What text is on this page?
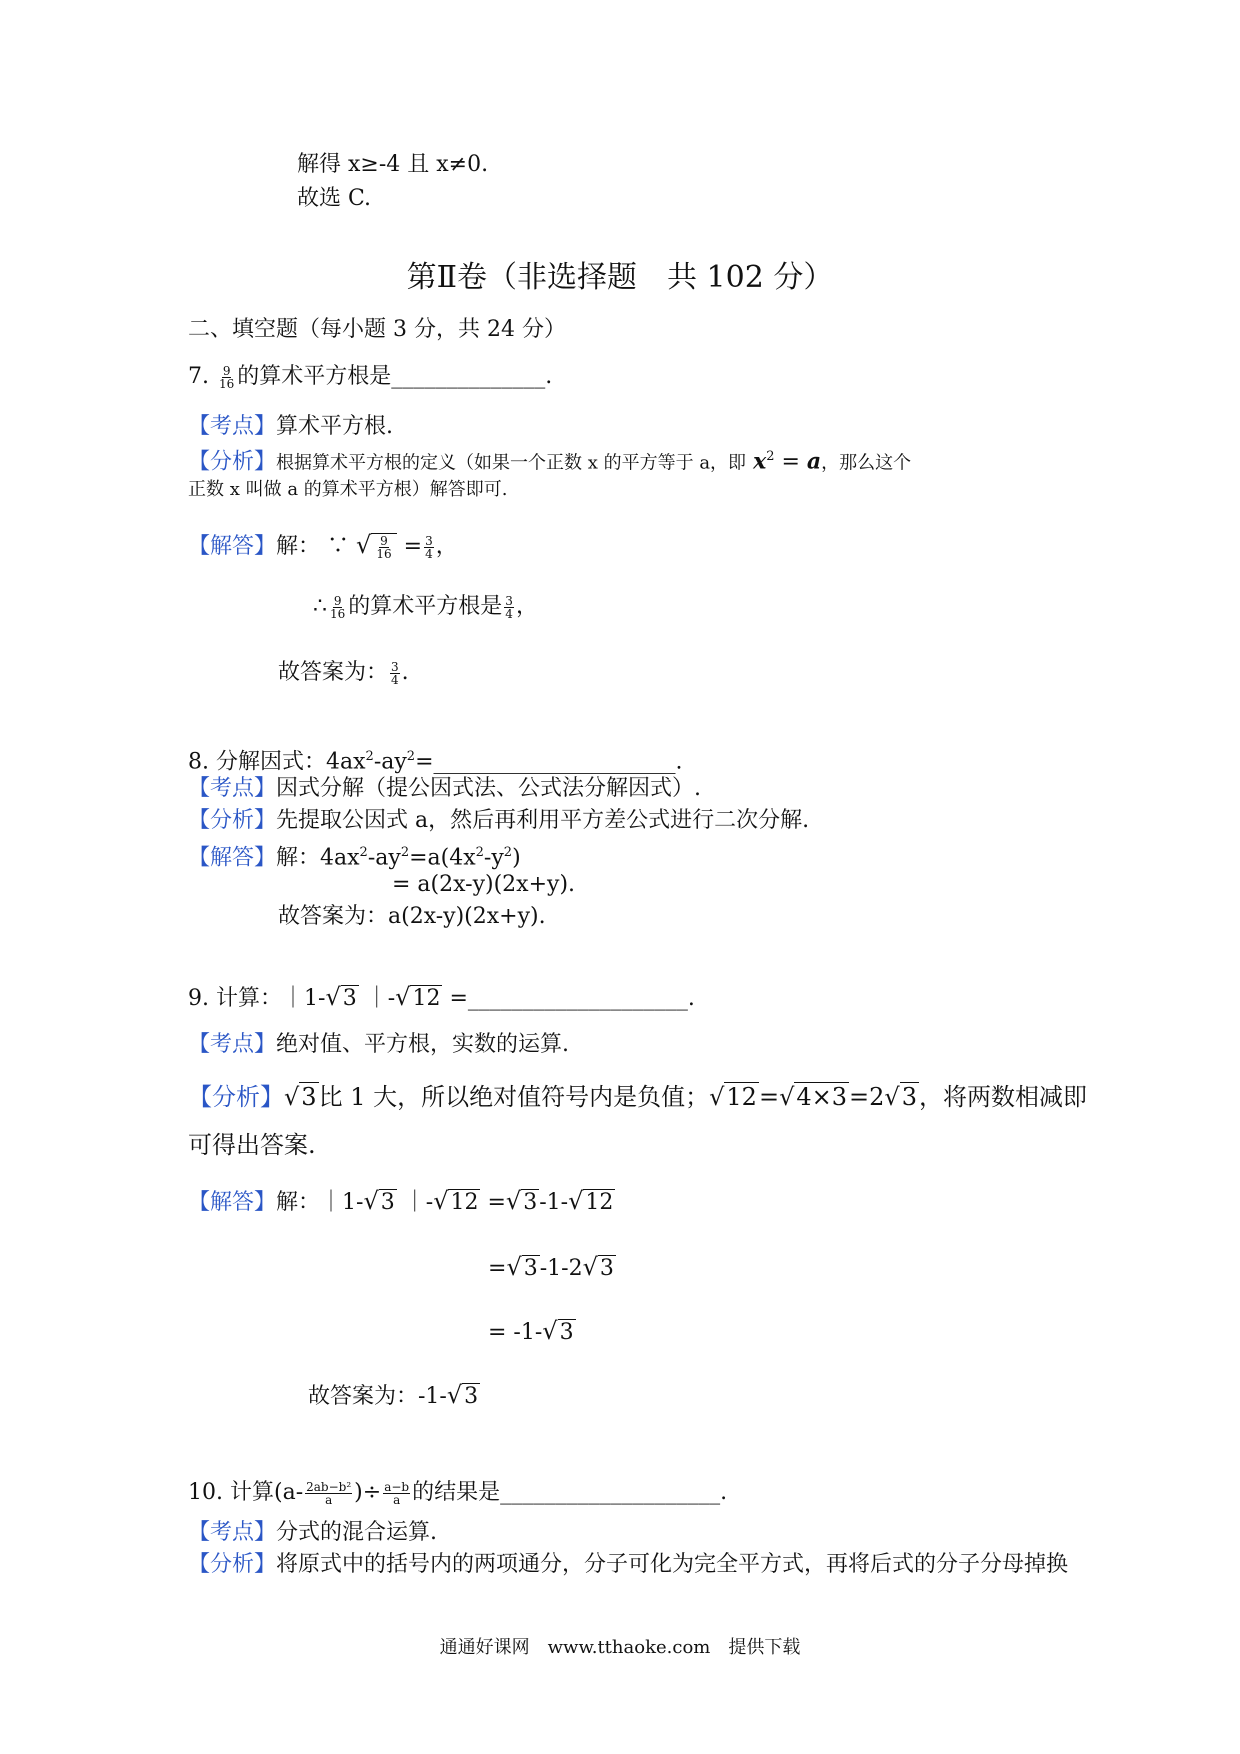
解得 x≥-4 且 x≠0.
故选 C.
第Ⅱ卷（非选择题　共 102 分）
二、填空题（每小题 3 分，共 24 分）
7. $\frac{9}{16}$ 的算术平方根是______________.
【考点】算术平方根.
【分析】根据算术平方根的定义（如果一个正数 x 的平方等于 a，即 $x^2 = a$，那么这个
正数 x 叫做 a 的算术平方根）解答即可.
【解答】解： ∵ √ $\frac{9}{16} = \frac{3}{4}$ ，
∴ $\frac{9}{16}$ 的算术平方根是 $\frac{3}{4}$ ，
故答案为： $\frac{3}{4}$ .
8. 分解因式：$4ax^2-ay^2=\_\_\_\_\_\_\_\_\_\_\_\_\_\_\_\_\_\_\_\_\_\_$.
【考点】因式分解（提公因式法、公式法分解因式）.
【分析】先提取公因式 a，然后再利用平方差公式进行二次分解.
【解答】解：$4ax^2-ay^2=a(4x^2-y^2)$
= a(2x-y)(2x+y).
故答案为：a(2x-y)(2x+y).
9. 计算：｜1-√3 ｜-√12 =____________________.
【考点】绝对值、平方根，实数的运算.
【分析】√3比 1 大，所以绝对值符号内是负值；√12=√4×3=2√3，将两数相减即
可得出答案.
【解答】解：｜1-√3 ｜-√12 =√3-1-√12
=√3-1-2√3
= -1-√3
故答案为：-1-√3
10. 计算($a- \frac{\text{2ab−b²}}{a}$ )÷ $\frac{a-b}{a}$ 的结果是____________________.
【考点】分式的混合运算.
【分析】将原式中的括号内的两项通分，分子可化为完全平方式，再将后式的分子分母掉换
通通好课网　www.tthaoke.com　提供下载
